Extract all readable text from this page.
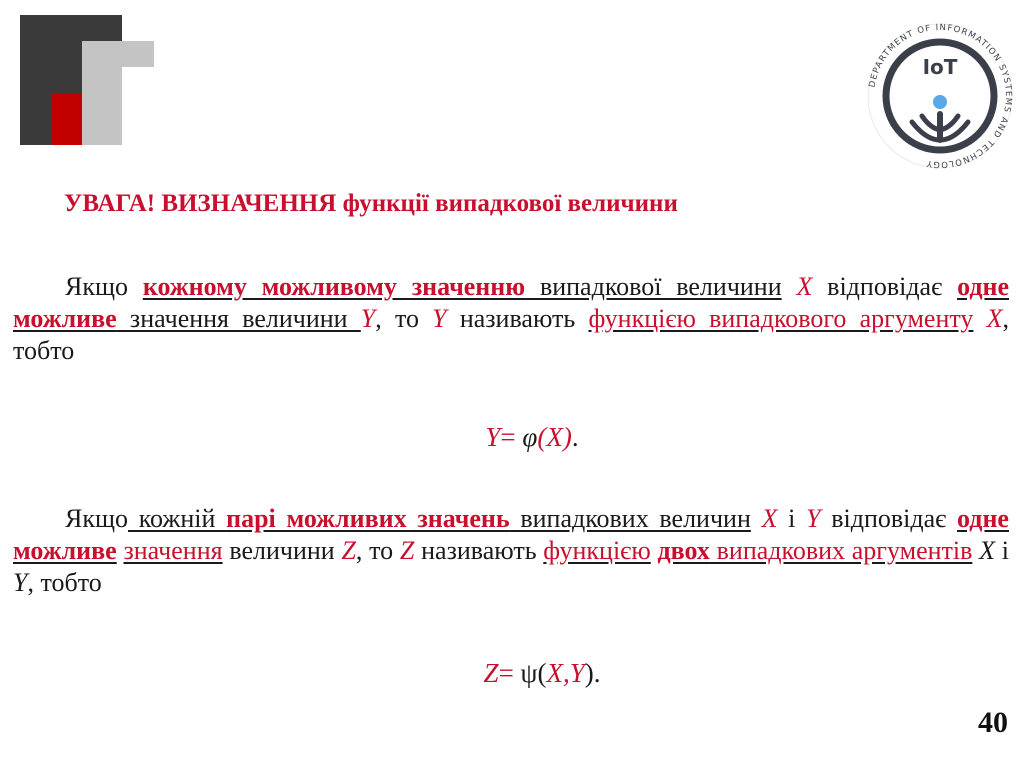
DEPARTMENT OF INFORMATION SYSTEMS AND TECHNOLOGY
IoT
УВАГА! ВИЗНАЧЕННЯ функції випадкової величини
Якщо кожному можливому значенню випадкової величини X відповідає одне можливе значення величини Y, то Y називають функцією випадкового аргументу X, тобто
Y= φ(X).
Якщо кожній парі можливих значень випадкових величин X і Y відповідає одне можливе значення величини Z, то Z називають функцією двох випадкових аргументів X і Y, тобто
Z= ψ(X,Y).
40
